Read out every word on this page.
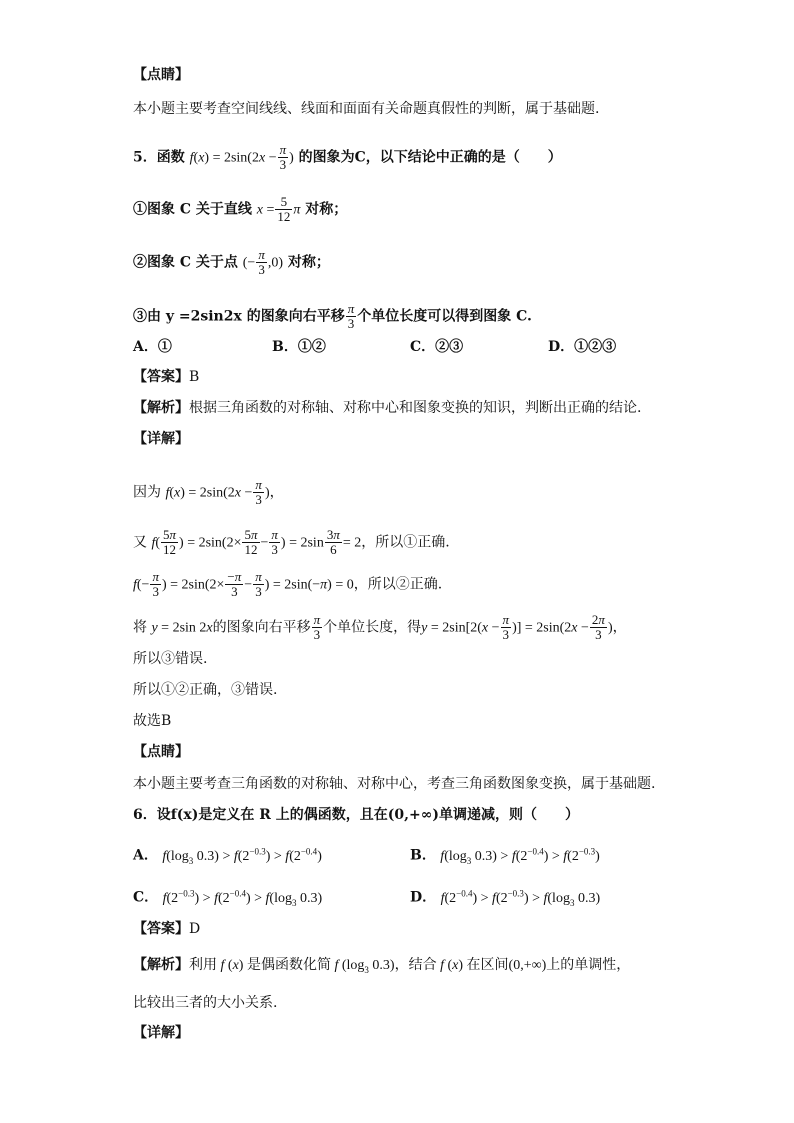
【点睛】
本小题主要考查空间线线、线面和面面有关命题真假性的判断，属于基础题.
5．函数 $f(x) = 2\sin(2x - \frac{\pi}{3}$ ) 的图象为C，以下结论中正确的是（　　）
①图象 C 关于直线 $x = \frac{5}{12}$ π 对称；
②图象 C 关于点 (− $\frac{\pi}{3} ,0$) 对称；
③由 y =2sin2x 的图象向右平移 $\frac{\pi}{3}$ 个单位长度可以得到图象 C.
A．①	B．①②	C．②③	D．①②③
【答案】B
【解析】根据三角函数的对称轴、对称中心和图象变换的知识，判断出正确的结论.
【详解】
因为 $f(x) = 2\sin(2x - \frac{\pi}{3}$ )，
又 $f( \frac{5\pi}{12}$ ) = $2\sin(2\times \frac{5\pi}{12} - \frac{\pi}{3}$ ) = $2\sin \frac{3\pi}{6} = 2$，所以①正确.
$f(- \frac{\pi}{3}$ ) = $2\sin(2\times \frac{-\pi}{3} - \frac{\pi}{3}$ ) = 2sin(−π) = 0，所以②正确.
将 y = 2sin 2x的图象向右平移 $\frac{\pi}{3}$ 个单位长度，得$y = 2\sin[2(x - \frac{\pi}{3}$ )] = $2\sin(2x - \frac{2\pi}{3}$ )，
所以③错误.
所以①②正确，③错误.
故选B
【点睛】
本小题主要考查三角函数的对称轴、对称中心，考查三角函数图象变换，属于基础题.
6．设f(x)是定义在 R 上的偶函数，且在(0,+∞)单调递减，则（　　）
A． $f(\log_3$ $0.3) > f(2^{-0.3}) > f(2^{-0.4})$	B． $f(\log_3$ $0.3) > f(2^{-0.4}) > f(2^{-0.3})$
C． $f(2^{-0.3}) > f(2^{-0.4}) > f(\log_3$ 0.3)	D． $f(2^{-0.4}) > f(2^{-0.3}) > f(\log_3$ 0.3)
【答案】D
【解析】利用 f (x) 是偶函数化简 f ($\log_3$ 0.3)，结合 f (x) 在区间(0,+∞)上的单调性，
比较出三者的大小关系.
【详解】
